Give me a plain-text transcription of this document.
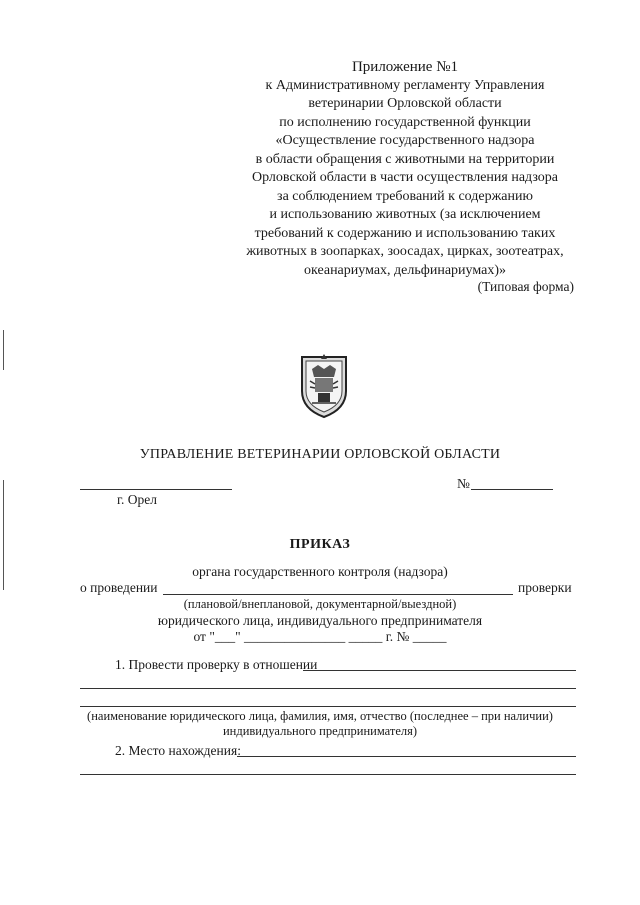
Приложение №1
к Административному регламенту Управления
ветеринарии Орловской области
по исполнению государственной функции
«Осуществление государственного надзора
в области обращения с животными на территории
Орловской области в части осуществления надзора
за соблюдением требований к содержанию
и использованию животных (за исключением
требований к содержанию и использованию таких
животных в зоопарках, зоосадах, цирках, зоотеатрах,
океанариумах, дельфинариумах)»
(Типовая форма)
УПРАВЛЕНИЕ ВЕТЕРИНАРИИ ОРЛОВСКОЙ ОБЛАСТИ
№
г. Орел
ПРИКАЗ
органа государственного контроля (надзора)
о проведении	проверки
(плановой/внеплановой, документарной/выездной)
юридического лица, индивидуального предпринимателя
от "___" _______________ _____ г. № _____
1. Провести проверку в отношении
(наименование юридического лица, фамилия, имя, отчество (последнее – при наличии)
индивидуального предпринимателя)
2. Место нахождения:
